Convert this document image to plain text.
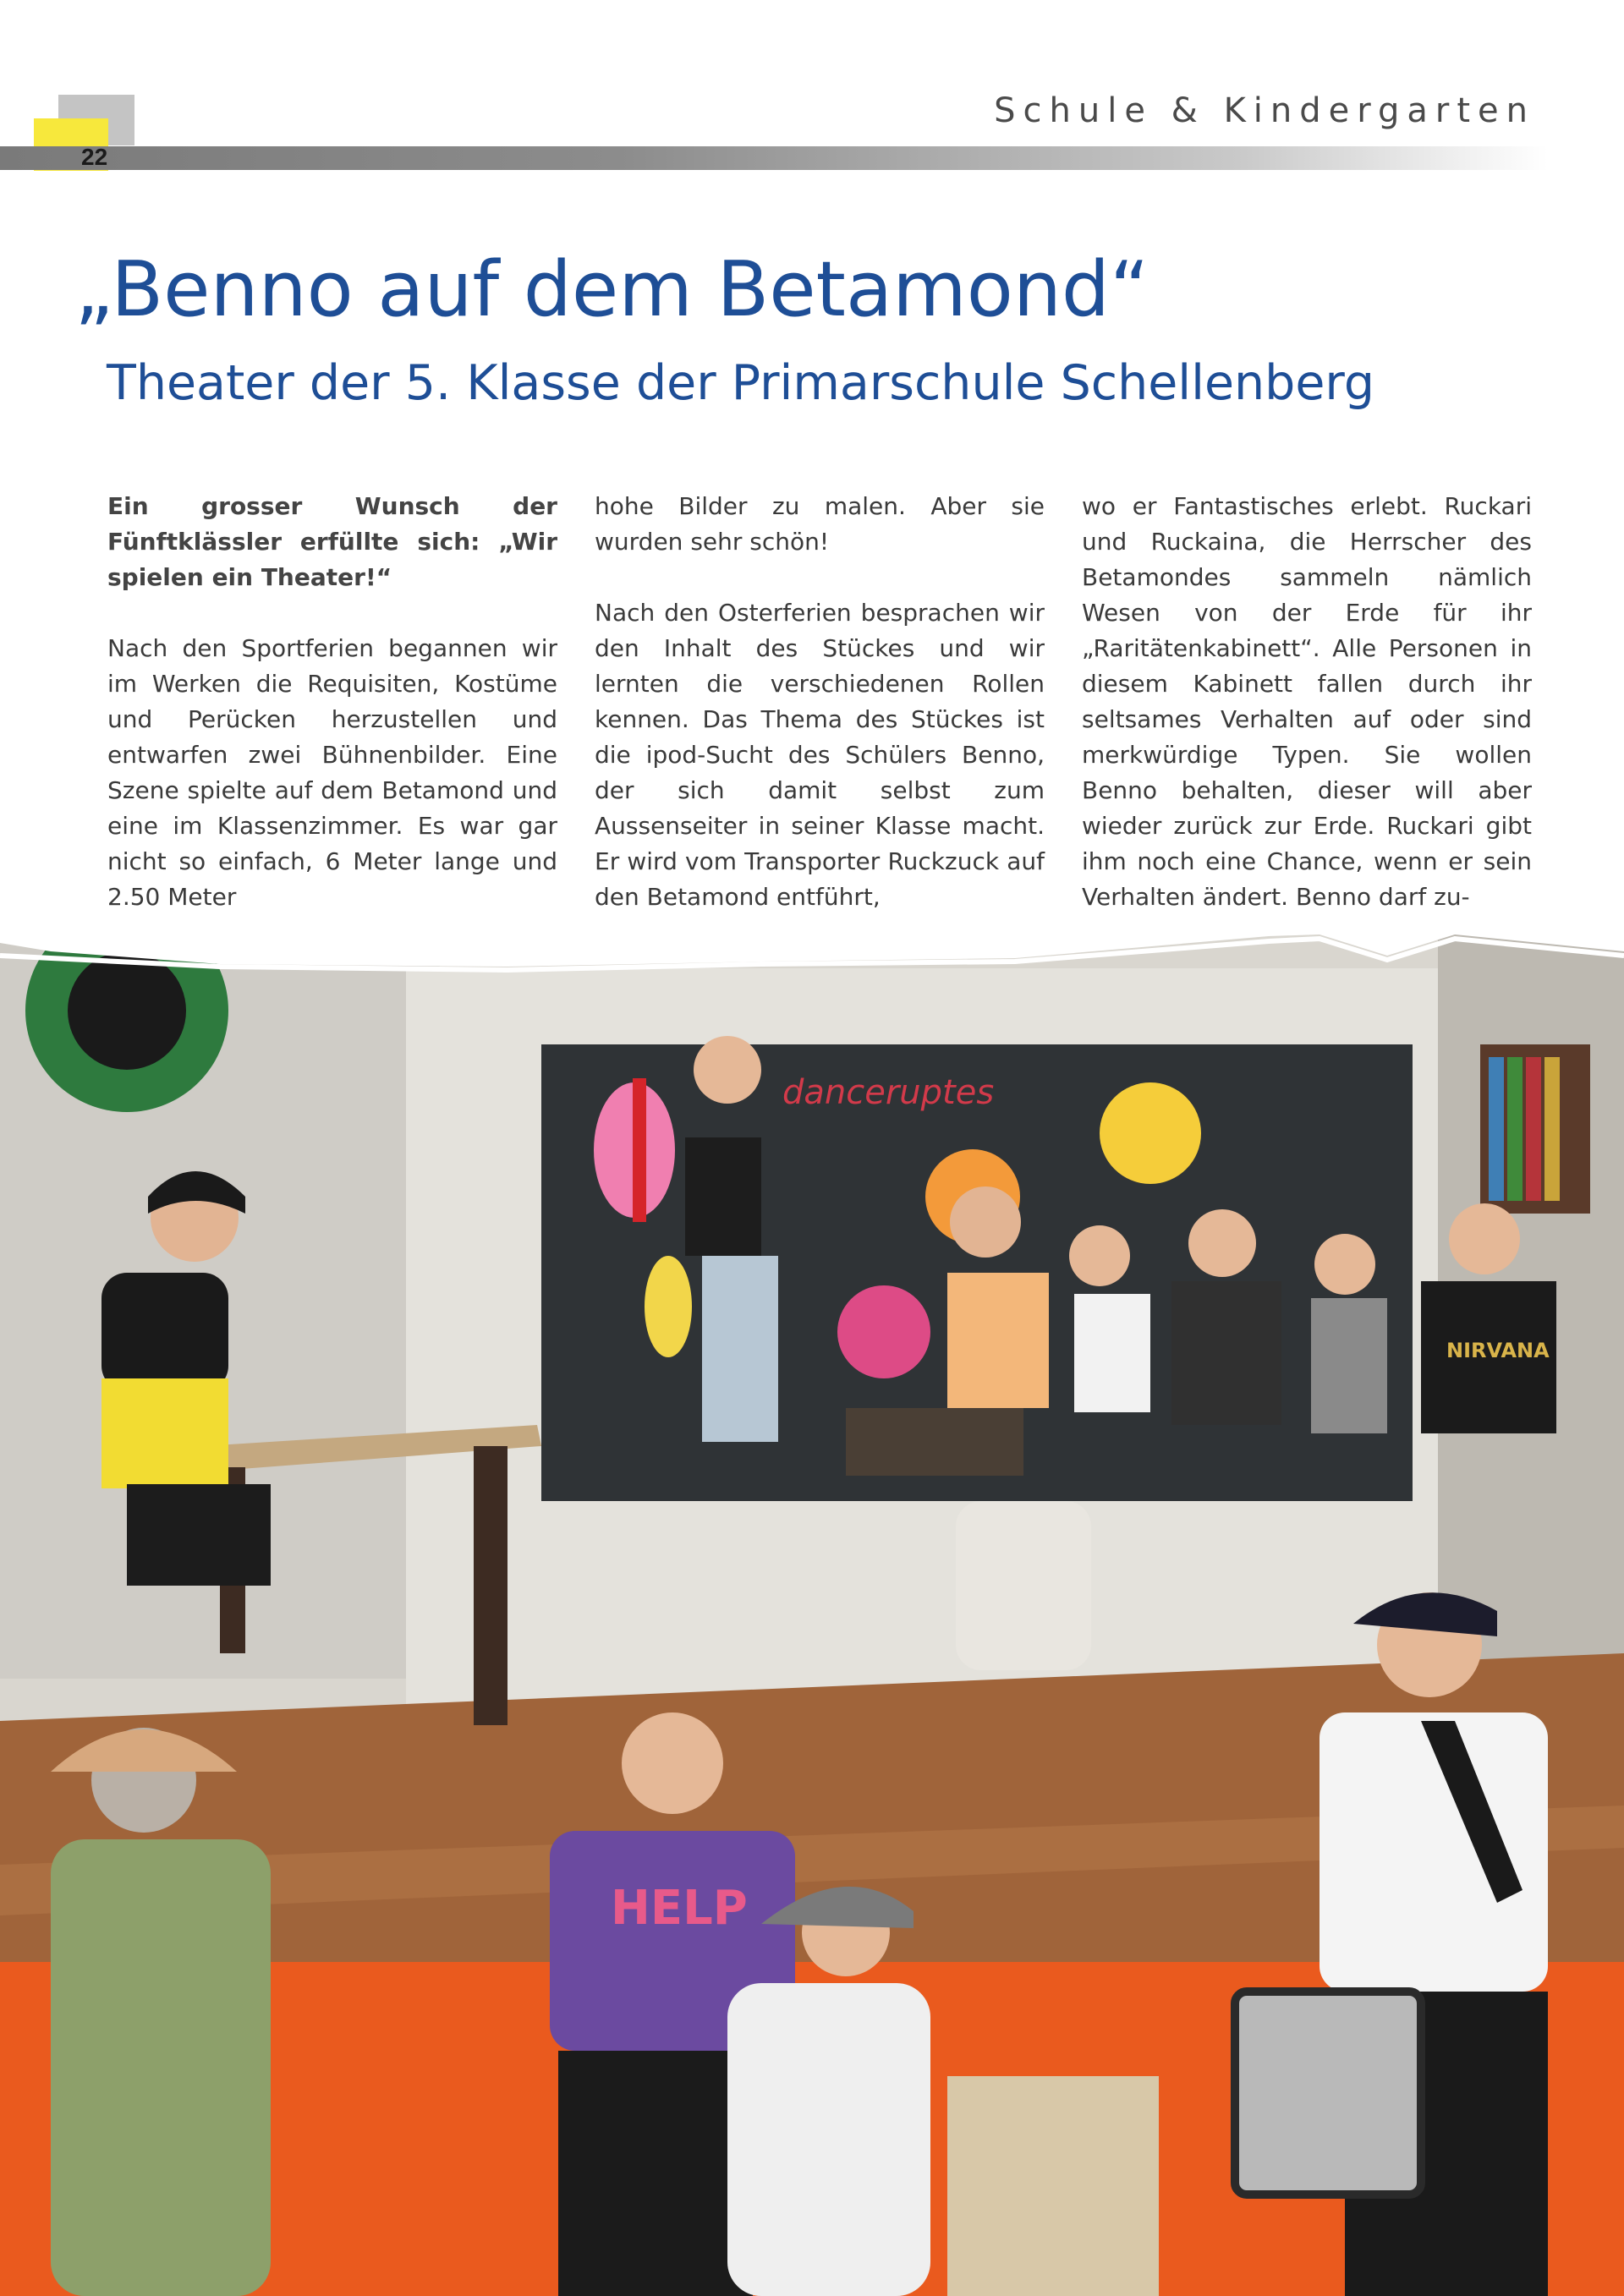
22
Schule & Kindergarten
„Benno auf dem Betamond“
Theater der 5. Klasse der Primarschule Schellenberg

Ein grosser Wunsch der Fünftklässler erfüllte sich: „Wir spielen ein Theater!“

Nach den Sportferien begannen wir im Werken die Requisiten, Kostüme und Perücken herzustellen und entwarfen zwei Bühnenbilder. Eine Szene spielte auf dem Betamond und eine im Klassenzimmer. Es war gar nicht so einfach, 6 Meter lange und 2.50 Meter

hohe Bilder zu malen. Aber sie wurden sehr schön!

Nach den Osterferien besprachen wir den Inhalt des Stückes und wir lernten die verschiedenen Rollen kennen. Das Thema des Stückes ist die ipod-Sucht des Schülers Benno, der sich damit selbst zum Aussenseiter in seiner Klasse macht. Er wird vom Transporter Ruckzuck auf den Betamond entführt,

wo er Fantastisches erlebt. Ruckari und Ruckaina, die Herrscher des Betamondes sammeln nämlich Wesen von der Erde für ihr „Raritätenkabinett“. Alle Personen in diesem Kabinett fallen durch ihr seltsames Verhalten auf oder sind merkwürdige Typen. Sie wollen Benno behalten, dieser will aber wieder zurück zur Erde. Ruckari gibt ihm noch eine Chance, wenn er sein Verhalten ändert. Benno darf zu-

danceruptes
NIRVANA
HELP
